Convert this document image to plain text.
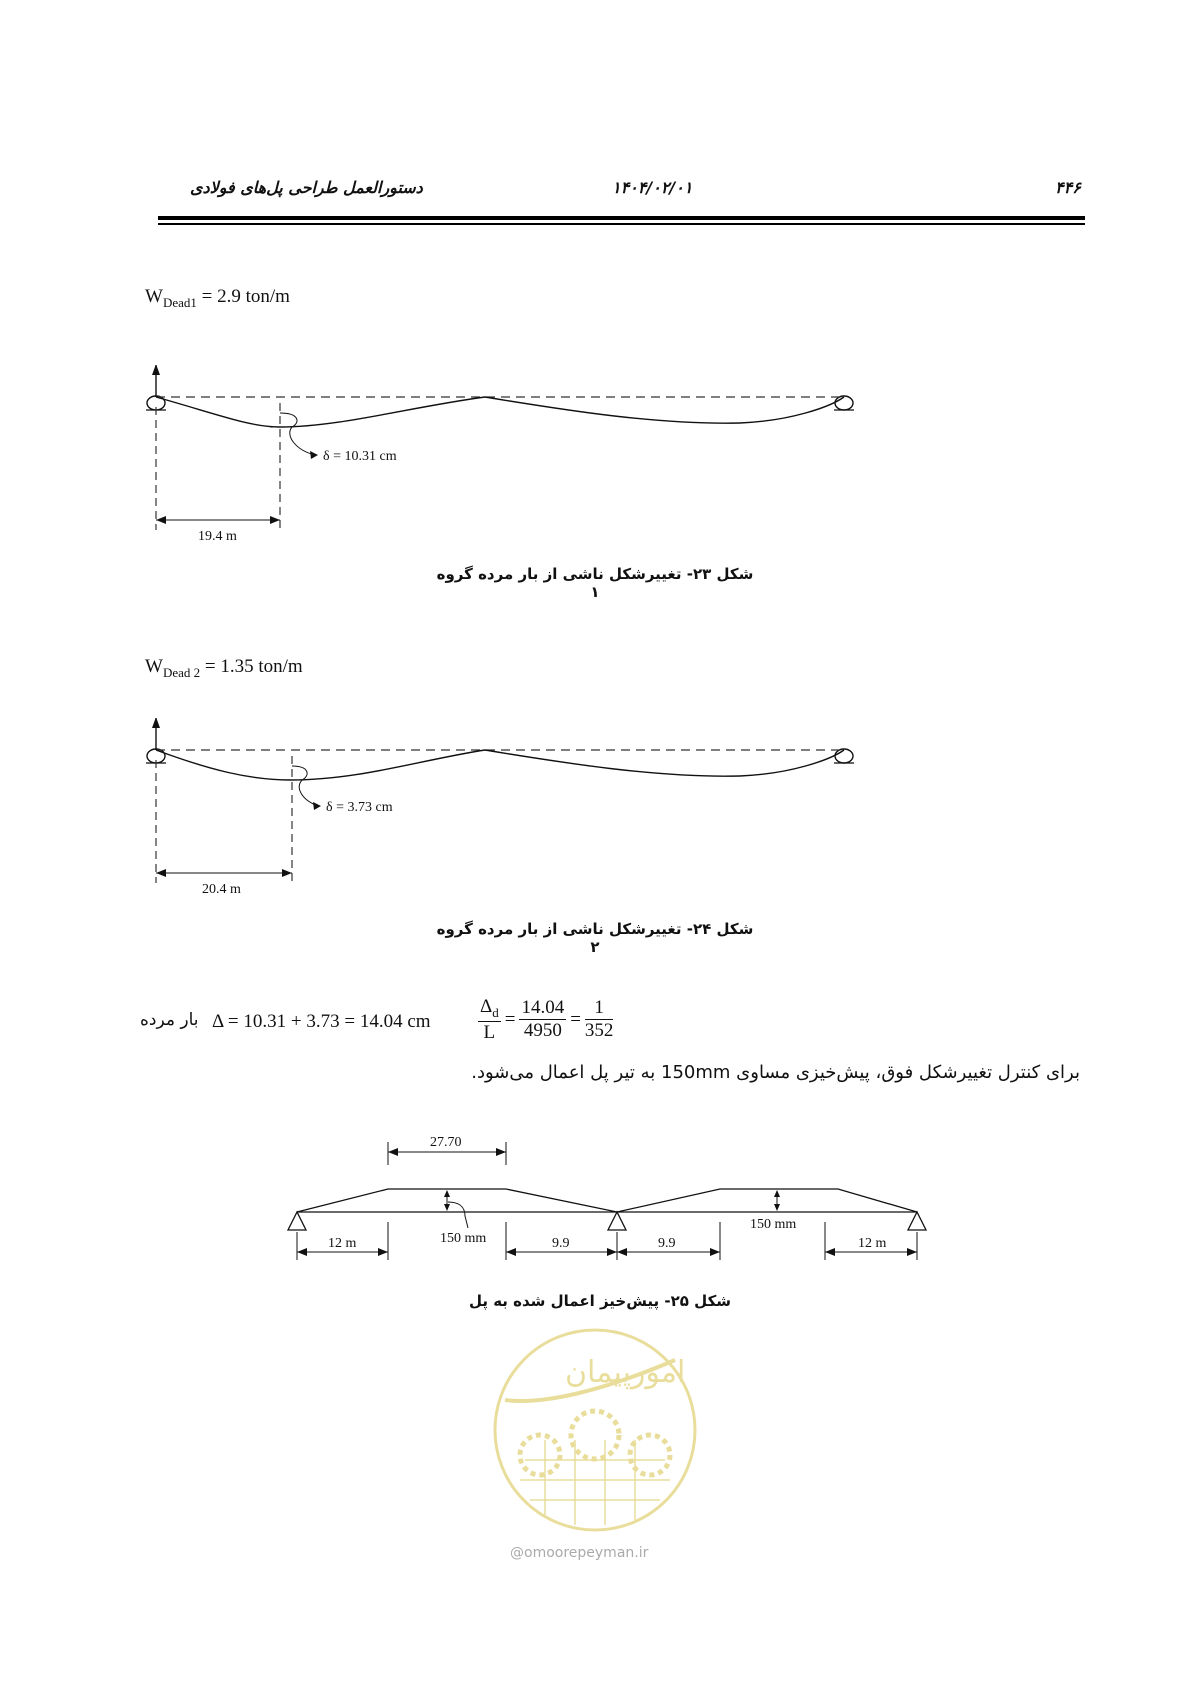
۴۴۶
۱۴۰۴/۰۲/۰۱
دستورالعمل طراحی پل‌های فولادی
$W_{Dead1} = 2.9$ ton/m
δ = 10.31 cm
19.4 m
شکل ۲۳- تغییرشکل ناشی از بار مرده گروه ۱
$W_{Dead 2} = 1.35$ ton/m
δ = 3.73 cm
20.4 m
شکل ۲۴- تغییرشکل ناشی از بار مرده گروه ۲
بار مرده Δ = 10.31 + 3.73 = 14.04 cm $\frac{\Delta_d}{L} = \frac{14.04}{4950} = \frac{1}{352}$
برای کنترل تغییرشکل فوق، پیش‌خیزی مساوی 150mm به تیر پل اعمال می‌شود.
27.70
150 mm
150 mm
12 m	9.9	9.9	12 m
شکل ۲۵- پیش‌خیز اعمال شده به پل
امورپیمان
@omoorepeyman.ir
